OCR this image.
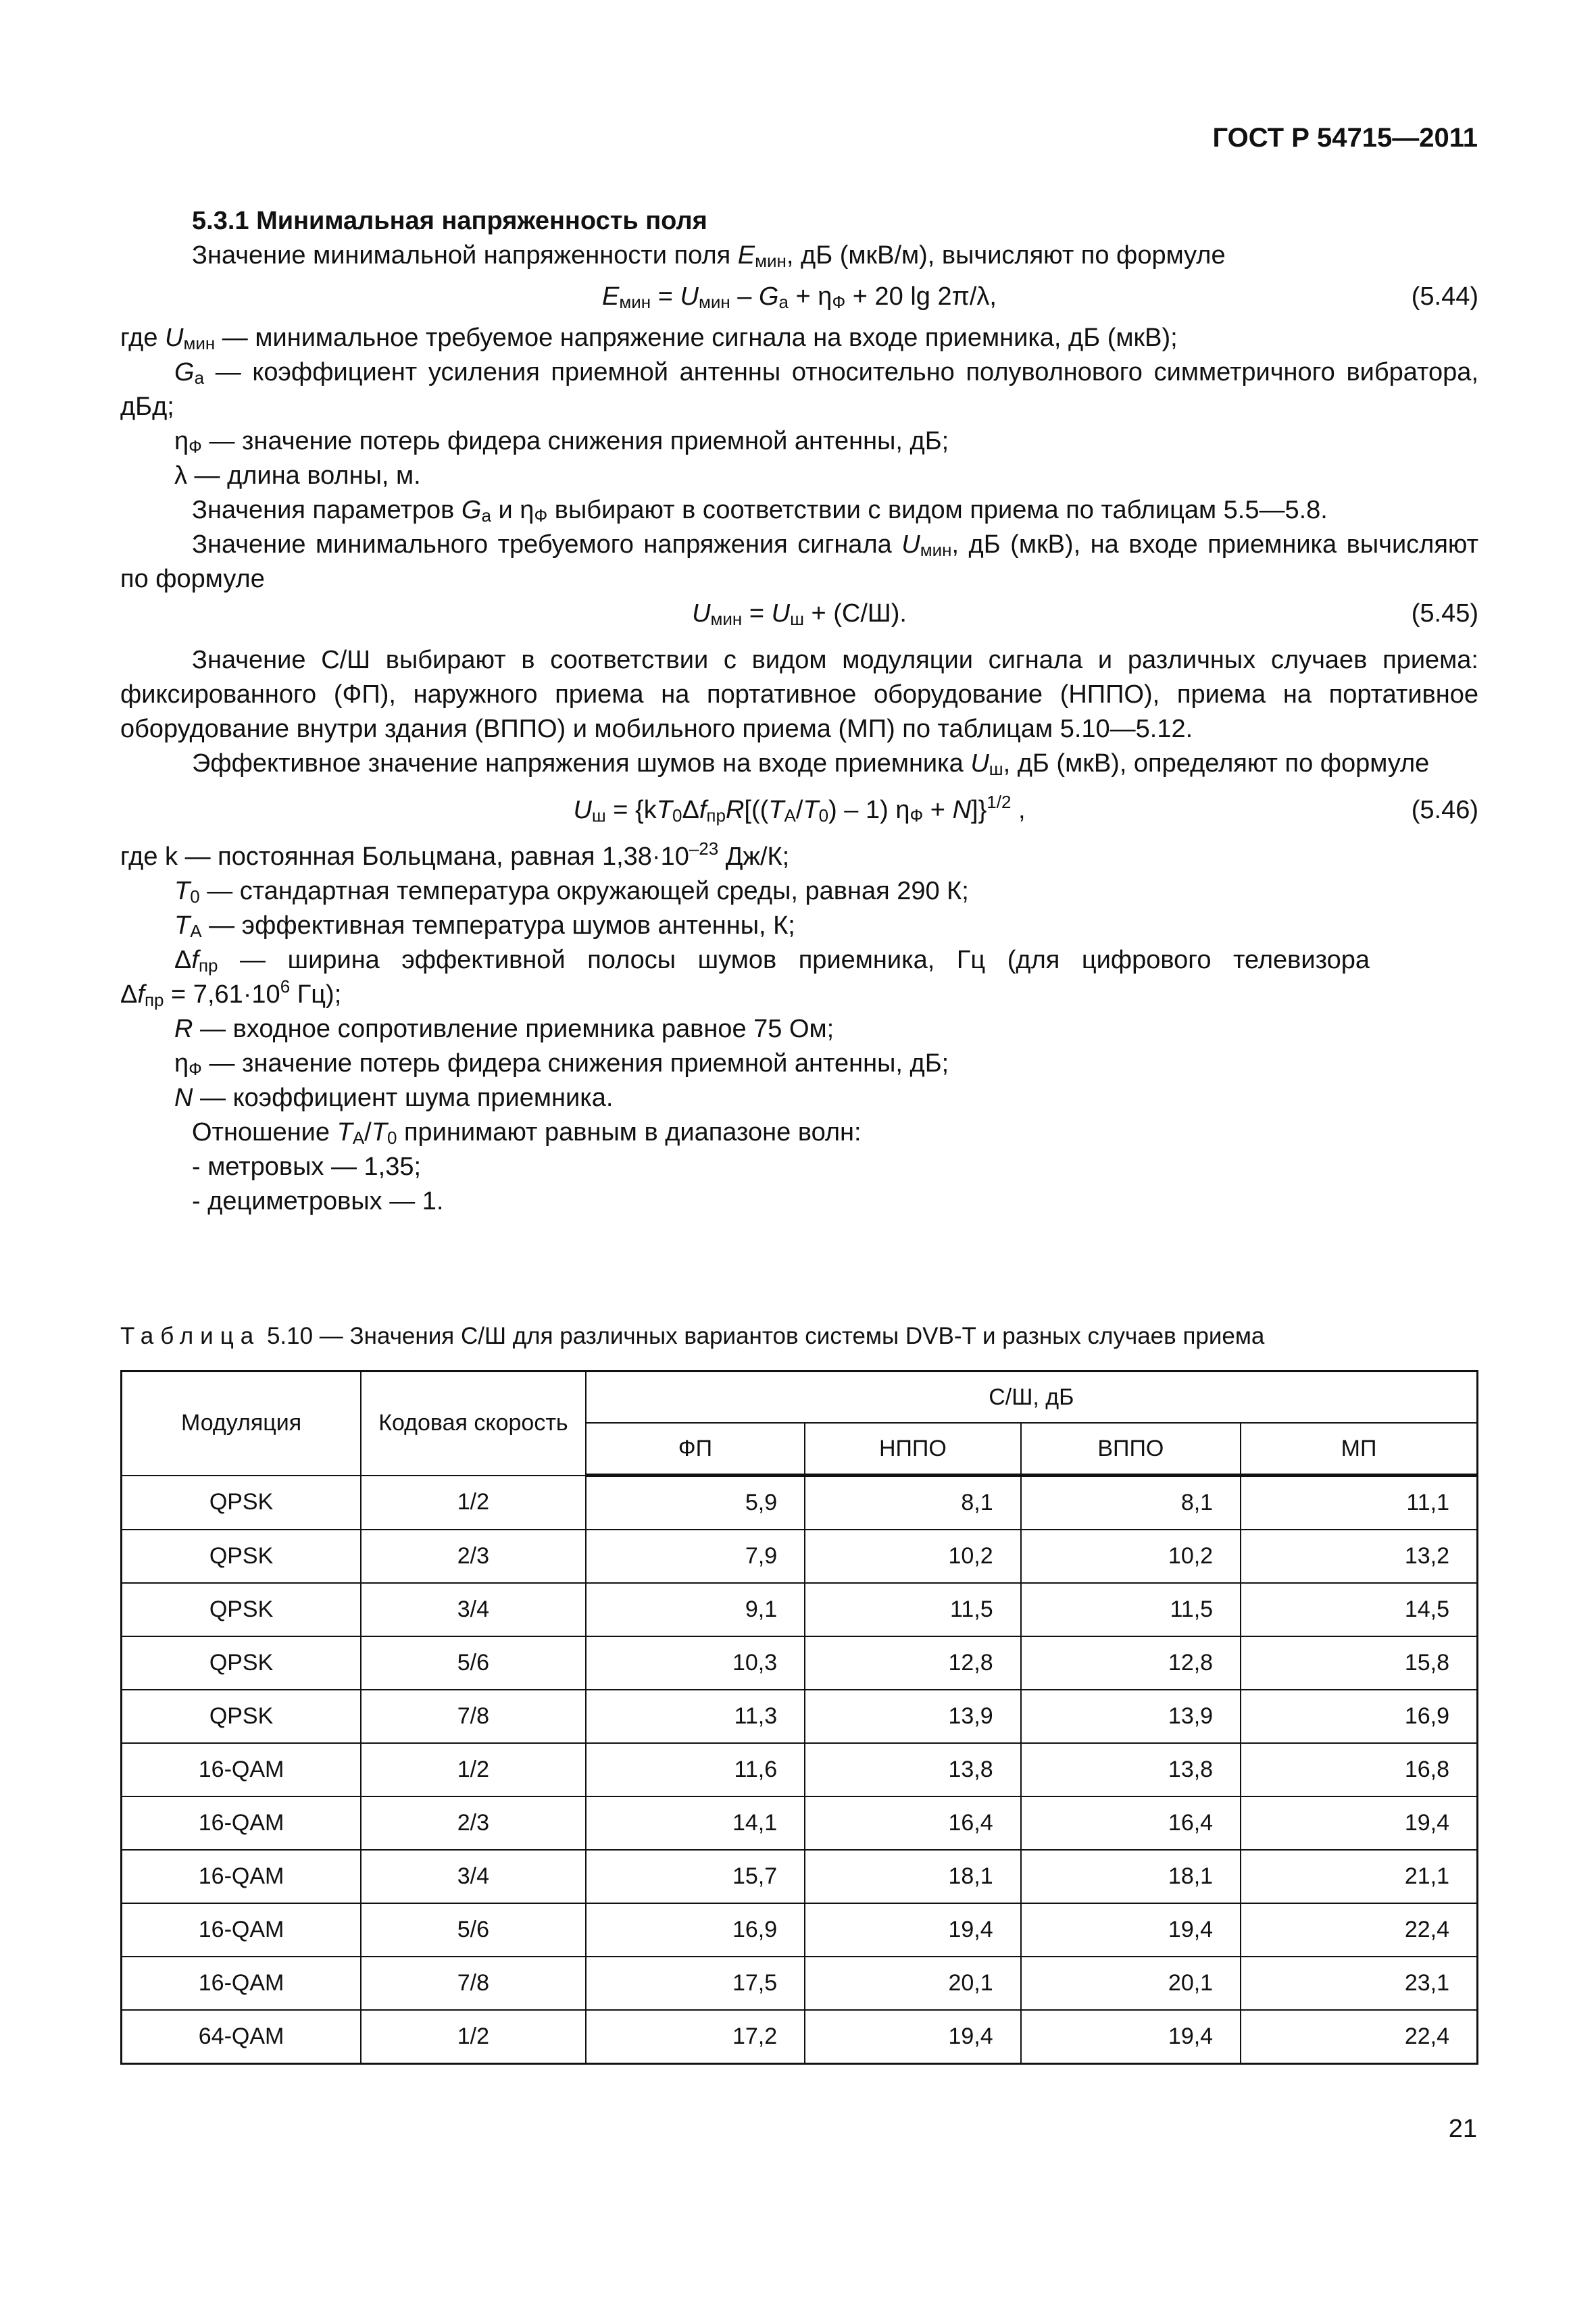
ГОСТ Р 54715—2011

5.3.1 Минимальная напряженность поля

Значение минимальной напряженности поля $E_{мин}$, дБ (мкВ/м), вычисляют по формуле

$E_{мин} = U_{мин} - G_a + \eta_Ф + 20$ lg 2π/λ,	(5.44)

где $U_{мин}$ — минимальное требуемое напряжение сигнала на входе приемника, дБ (мкВ);

$G_a$ — коэффициент усиления приемной антенны относительно полуволнового симметричного вибратора, дБд;

$\eta_Ф$ — значение потерь фидера снижения приемной антенны, дБ;

λ — длина волны, м.

Значения параметров $G_a$ и $\eta_Ф$ выбирают в соответствии с видом приема по таблицам 5.5—5.8.

Значение минимального требуемого напряжения сигнала $U_{мин}$, дБ (мкВ), на входе приемника вычисляют по формуле

$U_{мин} = U_ш + (С/Ш)$.	(5.45)

Значение С/Ш выбирают в соответствии с видом модуляции сигнала и различных случаев приема: фиксированного (ФП), наружного приема на портативное оборудование (НППО), приема на портативное оборудование внутри здания (ВППО) и мобильного приема (МП) по таблицам 5.10—5.12.

Эффективное значение напряжения шумов на входе приемника $U_ш$, дБ (мкВ), определяют по формуле

$U_ш = \{kT_0\Delta f_{пр}R[((T_A/T_0) - 1) \eta_Ф + N]\}^{1/2}$ ,	(5.46)

где k — постоянная Больцмана, равная $1,38\cdot 10^{-23}$ Дж/К;

$T_0$ — стандартная температура окружающей среды, равная 290 К;

$T_A$ — эффективная температура шумов антенны, К;

$\Delta f_{пр}$ — ширина эффективной полосы шумов приемника, Гц (для цифрового телевизора

$\Delta f_{пр} = 7,61\cdot 10^6$ Гц);

R — входное сопротивление приемника равное 75 Ом;

$\eta_Ф$ — значение потерь фидера снижения приемной антенны, дБ;

N — коэффициент шума приемника.

Отношение $T_A/T_0$ принимают равным в диапазоне волн:

- метровых — 1,35;

- дециметровых — 1.

Таблица 5.10 — Значения С/Ш для различных вариантов системы DVB-T и разных случаев приема
Модуляция	Кодовая скорость	С/Ш, дБ			
		ФП	НППО	ВППО	МП
QPSK	1/2	5,9	8,1	8,1	11,1
QPSK	2/3	7,9	10,2	10,2	13,2
QPSK	3/4	9,1	11,5	11,5	14,5
QPSK	5/6	10,3	12,8	12,8	15,8
QPSK	7/8	11,3	13,9	13,9	16,9
16-QAM	1/2	11,6	13,8	13,8	16,8
16-QAM	2/3	14,1	16,4	16,4	19,4
16-QAM	3/4	15,7	18,1	18,1	21,1
16-QAM	5/6	16,9	19,4	19,4	22,4
16-QAM	7/8	17,5	20,1	20,1	23,1
64-QAM	1/2	17,2	19,4	19,4	22,4
21
